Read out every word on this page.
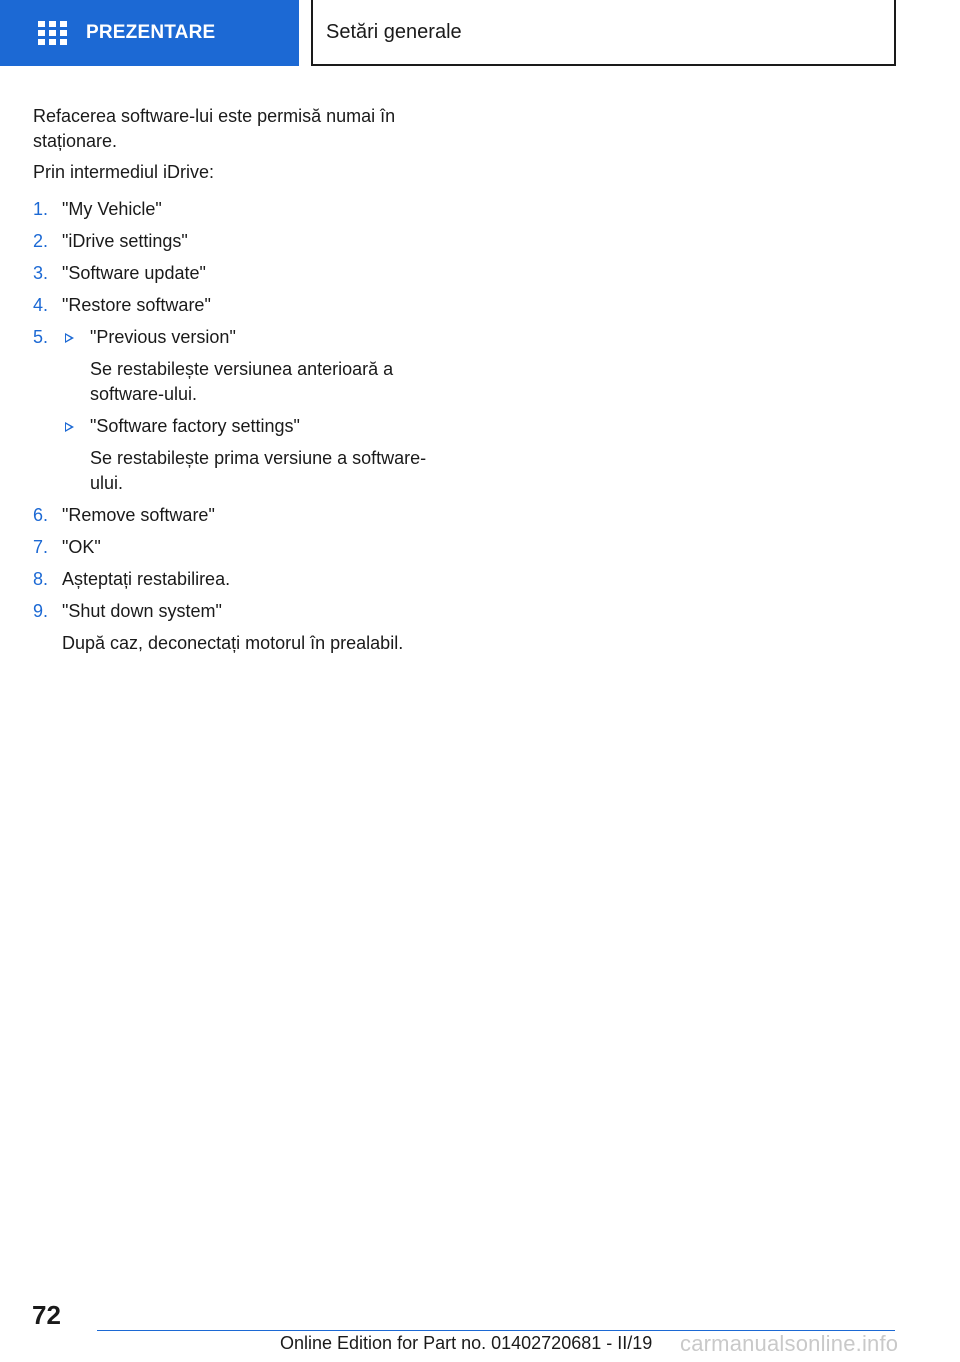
PREZENTARE	Setări generale

Refacerea software-lui este permisă numai în staționare.

Prin intermediul iDrive:

1. "My Vehicle"
2. "iDrive settings"
3. "Software update"
4. "Restore software"
5. "Previous version"
Se restabilește versiunea anterioară a software-ului.
"Software factory settings"
Se restabilește prima versiune a software-ului.
6. "Remove software"
7. "OK"
8. Așteptați restabilirea.
9. "Shut down system"
După caz, deconectați motorul în prealabil.
72
Online Edition for Part no. 01402720681 - II/19 carmanualsonline.info
